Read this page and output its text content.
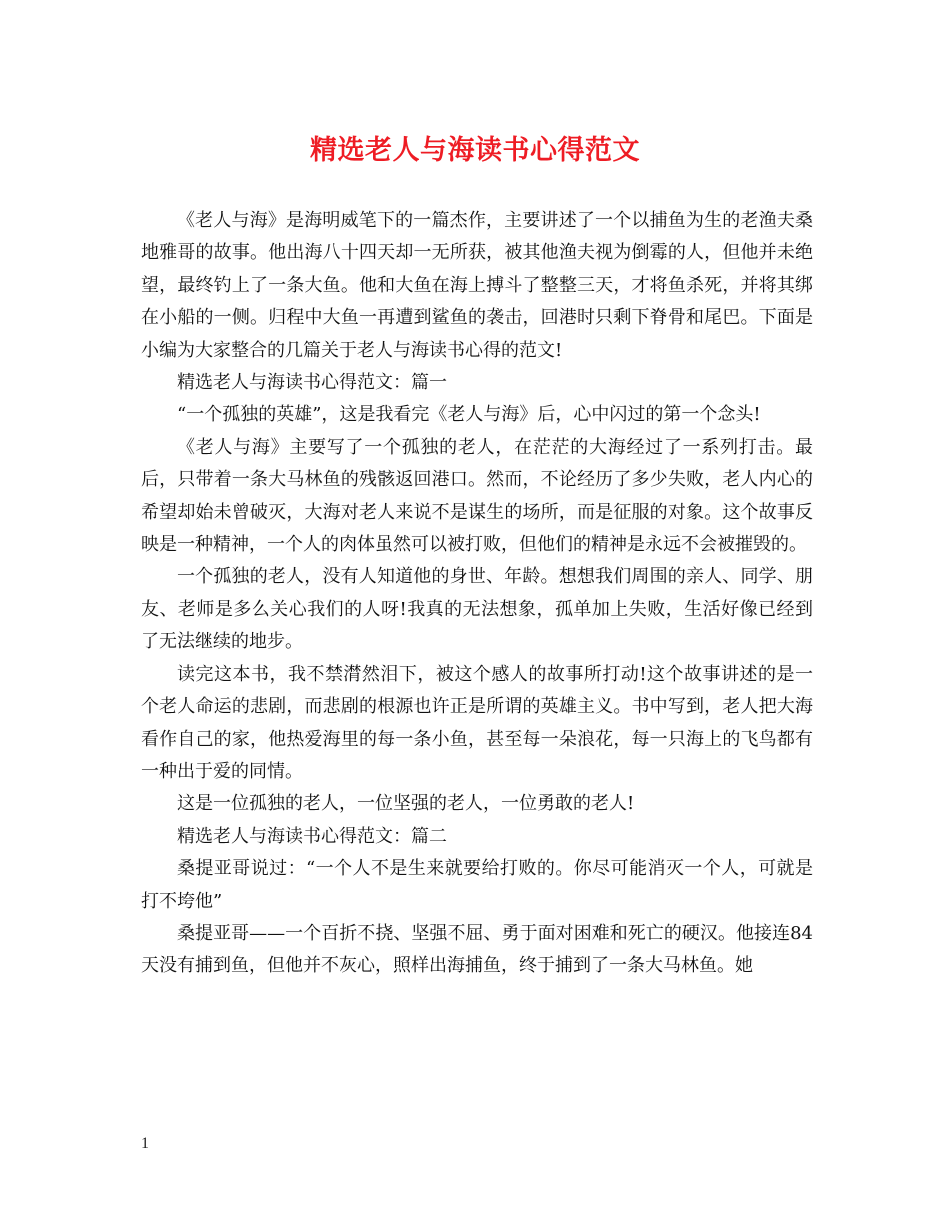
精选老人与海读书心得范文

《老人与海》是海明威笔下的一篇杰作，主要讲述了一个以捕鱼为生的老渔夫桑地雅哥的故事。他出海八十四天却一无所获，被其他渔夫视为倒霉的人，但他并未绝望，最终钓上了一条大鱼。他和大鱼在海上搏斗了整整三天，才将鱼杀死，并将其绑在小船的一侧。归程中大鱼一再遭到鲨鱼的袭击，回港时只剩下脊骨和尾巴。下面是小编为大家整合的几篇关于老人与海读书心得的范文!

精选老人与海读书心得范文：篇一

“一个孤独的英雄”，这是我看完《老人与海》后，心中闪过的第一个念头!

《老人与海》主要写了一个孤独的老人，在茫茫的大海经过了一系列打击。最后，只带着一条大马林鱼的残骸返回港口。然而，不论经历了多少失败，老人内心的希望却始未曾破灭，大海对老人来说不是谋生的场所，而是征服的对象。这个故事反映是一种精神，一个人的肉体虽然可以被打败，但他们的精神是永远不会被摧毁的。

一个孤独的老人，没有人知道他的身世、年龄。想想我们周围的亲人、同学、朋友、老师是多么关心我们的人呀!我真的无法想象，孤单加上失败，生活好像已经到了无法继续的地步。

读完这本书，我不禁潸然泪下，被这个感人的故事所打动!这个故事讲述的是一个老人命运的悲剧，而悲剧的根源也许正是所谓的英雄主义。书中写到，老人把大海看作自己的家，他热爱海里的每一条小鱼，甚至每一朵浪花，每一只海上的飞鸟都有一种出于爱的同情。

这是一位孤独的老人，一位坚强的老人，一位勇敢的老人!

精选老人与海读书心得范文：篇二

桑提亚哥说过：“一个人不是生来就要给打败的。你尽可能消灭一个人，可就是打不垮他”

桑提亚哥——一个百折不挠、坚强不屈、勇于面对困难和死亡的硬汉。他接连84天没有捕到鱼，但他并不灰心，照样出海捕鱼，终于捕到了一条大马林鱼。她

1
